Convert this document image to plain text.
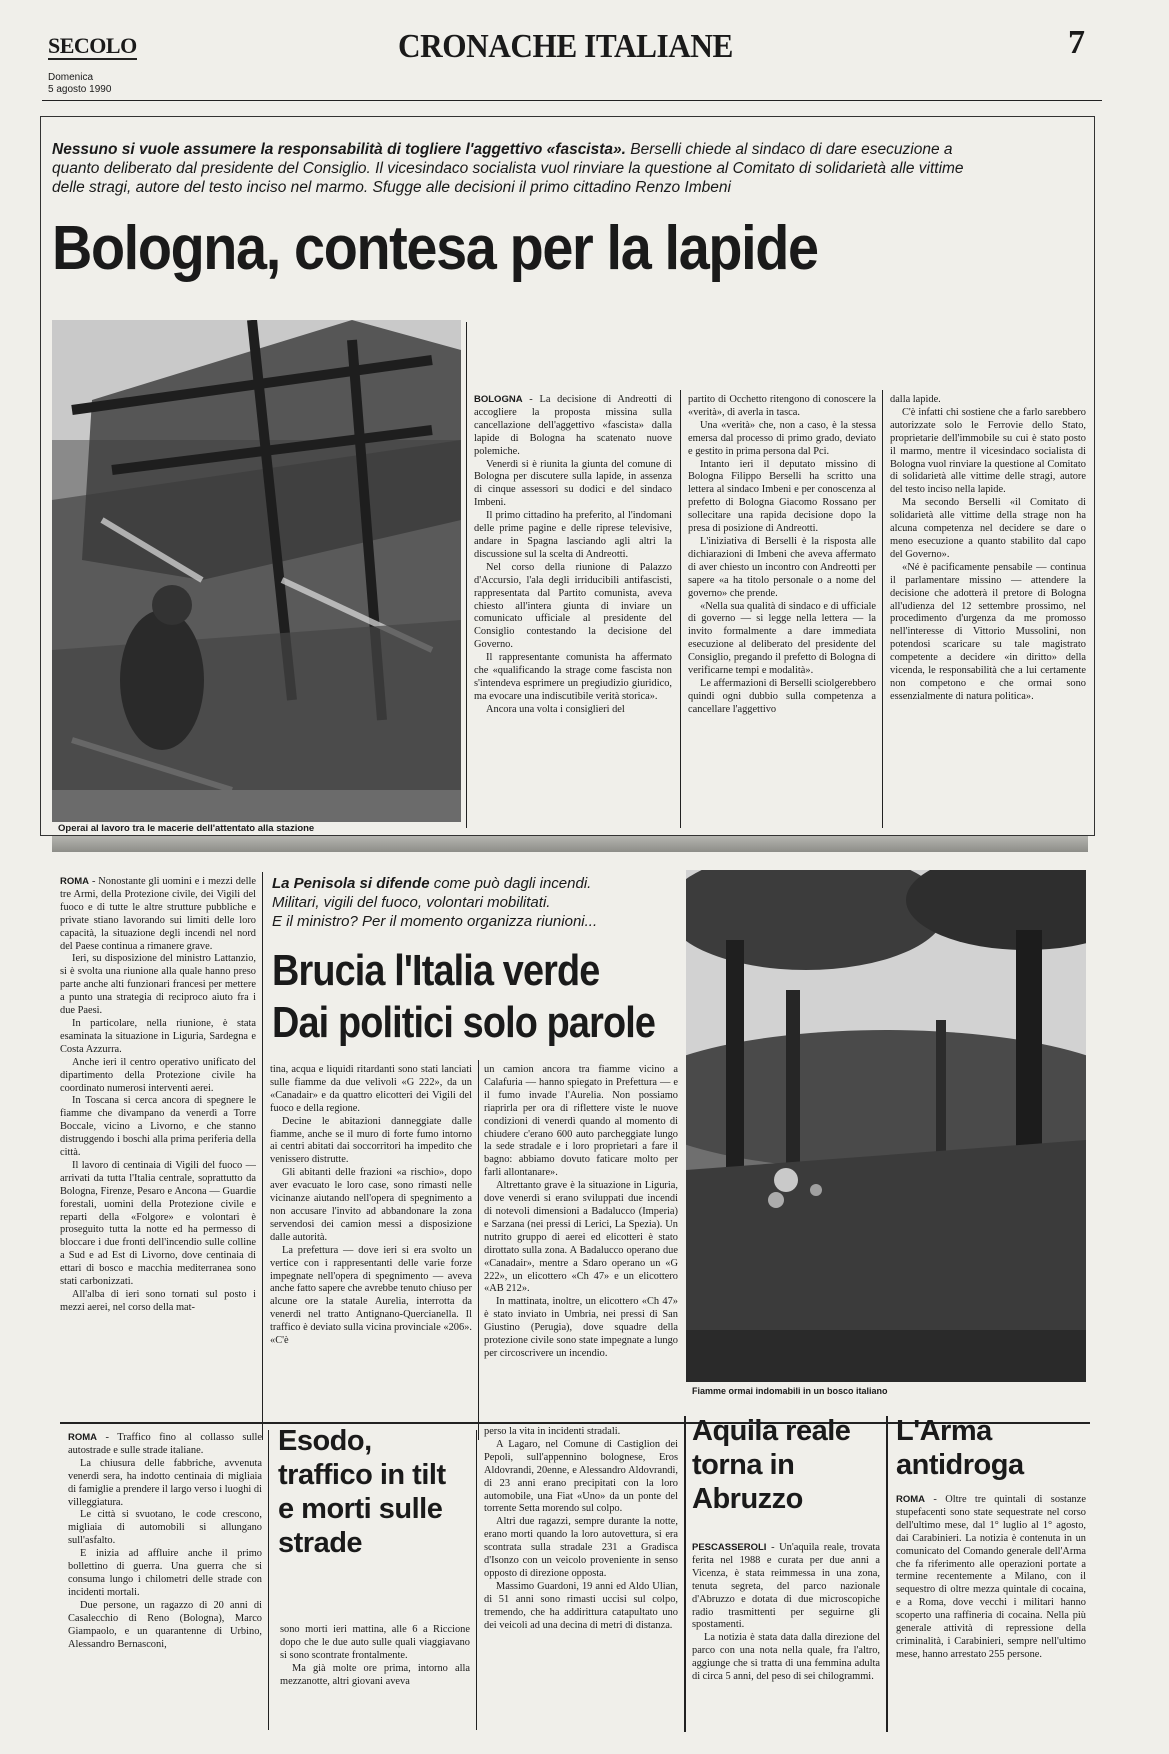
SECOLO
Domenica
5 agosto 1990
CRONACHE ITALIANE	7
Nessuno si vuole assumere la responsabilità di togliere l'aggettivo «fascista». Berselli chiede al sindaco di dare esecuzione a quanto deliberato dal presidente del Consiglio. Il vicesindaco socialista vuol rinviare la questione al Comitato di solidarietà alle vittime delle stragi, autore del testo inciso nel marmo. Sfugge alle decisioni il primo cittadino Renzo Imbeni
Bologna, contesa per la lapide
Operai al lavoro tra le macerie dell'attentato alla stazione

BOLOGNA - La decisione di Andreotti di accogliere la proposta missina sulla cancellazione dell'aggettivo «fascista» dalla lapide di Bologna ha scatenato nuove polemiche.

Venerdì si è riunita la giunta del comune di Bologna per discutere sulla lapide, in assenza di cinque assessori su dodici e del sindaco Imbeni.

Il primo cittadino ha preferito, al l'indomani delle prime pagine e delle riprese televisive, andare in Spagna lasciando agli altri la discussione sul la scelta di Andreotti.

Nel corso della riunione di Palazzo d'Accursio, l'ala degli irriducibili antifascisti, rappresentata dal Partito comunista, aveva chiesto all'intera giunta di inviare un comunicato ufficiale al presidente del Consiglio contestando la decisione del Governo.

Il rappresentante comunista ha affermato che «qualificando la strage come fascista non s'intendeva esprimere un pregiudizio giuridico, ma evocare una indiscutibile verità storica».

Ancora una volta i consiglieri del

partito di Occhetto ritengono di conoscere la «verità», di averla in tasca.

Una «verità» che, non a caso, è la stessa emersa dal processo di primo grado, deviato e gestito in prima persona dal Pci.

Intanto ieri il deputato missino di Bologna Filippo Berselli ha scritto una lettera al sindaco Imbeni e per conoscenza al prefetto di Bologna Giacomo Rossano per sollecitare una rapida decisione dopo la presa di posizione di Andreotti.

L'iniziativa di Berselli è la risposta alle dichiarazioni di Imbeni che aveva affermato di aver chiesto un incontro con Andreotti per sapere «a ha titolo personale o a nome del governo» che prende.

«Nella sua qualità di sindaco e di ufficiale di governo — si legge nella lettera — la invito formalmente a dare immediata esecuzione al deliberato del presidente del Consiglio, pregando il prefetto di Bologna di verificarne tempi e modalità».

Le affermazioni di Berselli sciolgerebbero quindi ogni dubbio sulla competenza a cancellare l'aggettivo

dalla lapide.

C'è infatti chi sostiene che a farlo sarebbero autorizzate solo le Ferrovie dello Stato, proprietarie dell'immobile su cui è stato posto il marmo, mentre il vicesindaco socialista di Bologna vuol rinviare la questione al Comitato di solidarietà alle vittime delle stragi, autore del testo inciso nella lapide.

Ma secondo Berselli «il Comitato di solidarietà alle vittime della strage non ha alcuna competenza nel decidere se dare o meno esecuzione a quanto stabilito dal capo del Governo».

«Né è pacificamente pensabile — continua il parlamentare missino — attendere la decisione che adotterà il pretore di Bologna all'udienza del 12 settembre prossimo, nel procedimento d'urgenza da me promosso nell'interesse di Vittorio Mussolini, non potendosi scaricare su tale magistrato competente a decidere «in diritto» della vicenda, le responsabilità che a lui certamente non competono e che ormai sono essenzialmente di natura politica».

ROMA - Nonostante gli uomini e i mezzi delle tre Armi, della Protezione civile, dei Vigili del fuoco e di tutte le altre strutture pubbliche e private stiano lavorando sui limiti delle loro capacità, la situazione degli incendi nel nord del Paese continua a rimanere grave.

Ieri, su disposizione del ministro Lattanzio, si è svolta una riunione alla quale hanno preso parte anche alti funzionari francesi per mettere a punto una strategia di reciproco aiuto fra i due Paesi.

In particolare, nella riunione, è stata esaminata la situazione in Liguria, Sardegna e Costa Azzurra.

Anche ieri il centro operativo unificato del dipartimento della Protezione civile ha coordinato numerosi interventi aerei.

In Toscana si cerca ancora di spegnere le fiamme che divampano da venerdì a Torre Boccale, vicino a Livorno, e che stanno distruggendo i boschi alla prima periferia della città.

Il lavoro di centinaia di Vigili del fuoco — arrivati da tutta l'Italia centrale, soprattutto da Bologna, Firenze, Pesaro e Ancona — Guardie forestali, uomini della Protezione civile e reparti della «Folgore» e volontari è proseguito tutta la notte ed ha permesso di bloccare i due fronti dell'incendio sulle colline a Sud e ad Est di Livorno, dove centinaia di ettari di bosco e macchia mediterranea sono stati carbonizzati.

All'alba di ieri sono tornati sul posto i mezzi aerei, nel corso della mat-

La Penisola si difende come può dagli incendi.
Militari, vigili del fuoco, volontari mobilitati.
E il ministro? Per il momento organizza riunioni...
Brucia l'Italia verde
Dai politici solo parole

tina, acqua e liquidi ritardanti sono stati lanciati sulle fiamme da due velivoli «G 222», da un «Canadair» e da quattro elicotteri dei Vigili del fuoco e della regione.

Decine le abitazioni danneggiate dalle fiamme, anche se il muro di forte fumo intorno ai centri abitati dai soccorritori ha impedito che venissero distrutte.

Gli abitanti delle frazioni «a rischio», dopo aver evacuato le loro case, sono rimasti nelle vicinanze aiutando nell'opera di spegnimento a non accusare l'invito ad abbandonare la zona servendosi dei camion messi a disposizione dalle autorità.

La prefettura — dove ieri si era svolto un vertice con i rappresentanti delle varie forze impegnate nell'opera di spegnimento — aveva anche fatto sapere che avrebbe tenuto chiuso per alcune ore la statale Aurelia, interrotta da venerdì nel tratto Antignano-Quercianella. Il traffico è deviato sulla vicina provinciale «206». «C'è

un camion ancora tra fiamme vicino a Calafuria — hanno spiegato in Prefettura — e il fumo invade l'Aurelia. Non possiamo riaprirla per ora di riflettere viste le nuove condizioni di venerdì quando al momento di chiudere c'erano 600 auto parcheggiate lungo la sede stradale e i loro proprietari a fare il bagno: abbiamo dovuto faticare molto per farli allontanare».

Altrettanto grave è la situazione in Liguria, dove venerdì si erano sviluppati due incendi di notevoli dimensioni a Badalucco (Imperia) e Sarzana (nei pressi di Lerici, La Spezia). Un nutrito gruppo di aerei ed elicotteri è stato dirottato sulla zona. A Badalucco operano due «Canadair», mentre a Sdaro operano un «G 222», un elicottero «Ch 47» e un elicottero «AB 212».

In mattinata, inoltre, un elicottero «Ch 47» è stato inviato in Umbria, nei pressi di San Giustino (Perugia), dove squadre della protezione civile sono state impegnate a lungo per circoscrivere un incendio.

Fiamme ormai indomabili in un bosco italiano

ROMA - Traffico fino al collasso sulle autostrade e sulle strade italiane.

La chiusura delle fabbriche, avvenuta venerdì sera, ha indotto centinaia di migliaia di famiglie a prendere il largo verso i luoghi di villeggiatura.

Le città si svuotano, le code crescono, migliaia di automobili si allungano sull'asfalto.

E inizia ad affluire anche il primo bollettino di guerra. Una guerra che si consuma lungo i chilometri delle strade con incidenti mortali.

Due persone, un ragazzo di 20 anni di Casalecchio di Reno (Bologna), Marco Giampaolo, e un quarantenne di Urbino, Alessandro Bernasconi,

Esodo, traffico in tilt e morti sulle strade

sono morti ieri mattina, alle 6 a Riccione dopo che le due auto sulle quali viaggiavano si sono scontrate frontalmente.

Ma già molte ore prima, intorno alla mezzanotte, altri giovani aveva

perso la vita in incidenti stradali.

A Lagaro, nel Comune di Castiglion dei Pepoli, sull'appennino bolognese, Eros Aldovrandi, 20enne, e Alessandro Aldovrandi, di 23 anni erano precipitati con la loro automobile, una Fiat «Uno» da un ponte del torrente Setta morendo sul colpo.

Altri due ragazzi, sempre durante la notte, erano morti quando la loro autovettura, si era scontrata sulla stradale 231 a Gradisca d'Isonzo con un veicolo proveniente in senso opposto di direzione opposta.

Massimo Guardoni, 19 anni ed Aldo Ulian, di 51 anni sono rimasti uccisi sul colpo, tremendo, che ha addirittura catapultato uno dei veicoli ad una decina di metri di distanza.

Aquila reale torna in Abruzzo

PESCASSEROLI - Un'aquila reale, trovata ferita nel 1988 e curata per due anni a Vicenza, è stata reimmessa in una zona, tenuta segreta, del parco nazionale d'Abruzzo e dotata di due microscopiche radio trasmittenti per seguirne gli spostamenti.

La notizia è stata data dalla direzione del parco con una nota nella quale, fra l'altro, aggiunge che si tratta di una femmina adulta di circa 5 anni, del peso di sei chilogrammi.

L'Arma antidroga

ROMA - Oltre tre quintali di sostanze stupefacenti sono state sequestrate nel corso dell'ultimo mese, dal 1° luglio al 1° agosto, dai Carabinieri. La notizia è contenuta in un comunicato del Comando generale dell'Arma che fa riferimento alle operazioni portate a termine recentemente a Milano, con il sequestro di oltre mezza quintale di cocaina, e a Roma, dove vecchi i militari hanno scoperto una raffineria di cocaina. Nella più generale attività di repressione della criminalità, i Carabinieri, sempre nell'ultimo mese, hanno arrestato 255 persone.
